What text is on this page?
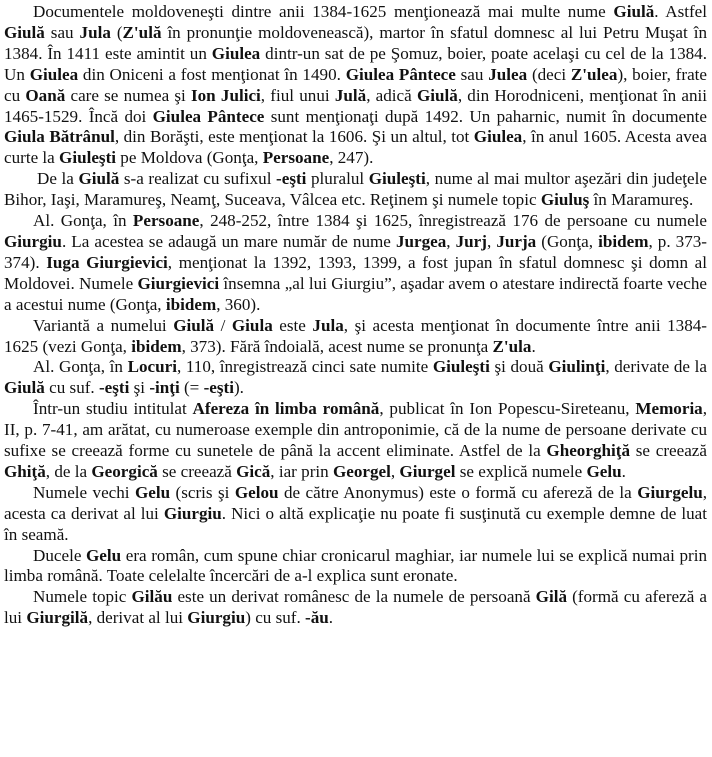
Documentele moldoveneşti dintre anii 1384-1625 menţionează mai multe nume Giulă. Astfel Giulă sau Jula (Z'ulă în pronunţie moldovenească), martor în sfatul domnesc al lui Petru Muşat în 1384. În 1411 este amintit un Giulea dintr-un sat de pe Şomuz, boier, poate acelaşi cu cel de la 1384. Un Giulea din Oniceni a fost menţionat în 1490. Giulea Pântece sau Julea (deci Z'ulea), boier, frate cu Oană care se numea şi Ion Julici, fiul unui Julă, adică Giulă, din Horodniceni, menţionat în anii 1465-1529. Încă doi Giulea Pântece sunt menţionaţi după 1492. Un paharnic, numit în documente Giula Bătrânul, din Borăşti, este menţionat la 1606. Şi un altul, tot Giulea, în anul 1605. Acesta avea curte la Giuleşti pe Moldova (Gonţa, Persoane, 247).

De la Giulă s-a realizat cu sufixul -eşti pluralul Giuleşti, nume al mai multor aşezări din judeţele Bihor, Iaşi, Maramureş, Neamţ, Suceava, Vâlcea etc. Reţinem şi numele topic Giuluş în Maramureş.

Al. Gonţa, în Persoane, 248-252, între 1384 şi 1625, înregistrează 176 de persoane cu numele Giurgiu. La acestea se adaugă un mare număr de nume Jurgea, Jurj, Jurja (Gonţa, ibidem, p. 373-374). Iuga Giurgievici, menţionat la 1392, 1393, 1399, a fost jupan în sfatul domnesc şi domn al Moldovei. Numele Giurgievici însemna „al lui Giurgiu”, aşadar avem o atestare indirectă foarte veche a acestui nume (Gonţa, ibidem, 360).

Variantă a numelui Giulă / Giula este Jula, şi acesta menţionat în documente între anii 1384-1625 (vezi Gonţa, ibidem, 373). Fără îndoială, acest nume se pronunţa Z'ula.

Al. Gonţa, în Locuri, 110, înregistrează cinci sate numite Giuleşti şi două Giulinţi, derivate de la Giulă cu suf. -eşti şi -inţi (= -eşti).

Într-un studiu intitulat Afereza în limba română, publicat în Ion Popescu-Sireteanu, Memoria, II, p. 7-41, am arătat, cu numeroase exemple din antroponimie, că de la nume de persoane derivate cu sufixe se creează forme cu sunetele de până la accent eliminate. Astfel de la Gheorghiţă se creează Ghiţă, de la Georgică se creează Gică, iar prin Georgel, Giurgel se explică numele Gelu.

Numele vechi Gelu (scris şi Gelou de către Anonymus) este o formă cu afereză de la Giurgelu, acesta ca derivat al lui Giurgiu. Nici o altă explicaţie nu poate fi susţinută cu exemple demne de luat în seamă.

Ducele Gelu era român, cum spune chiar cronicarul maghiar, iar numele lui se explică numai prin limba română. Toate celelalte încercări de a-l explica sunt eronate.

Numele topic Gilău este un derivat românesc de la numele de persoană Gilă (formă cu afereză a lui Giurgilă, derivat al lui Giurgiu) cu suf. -ău.
